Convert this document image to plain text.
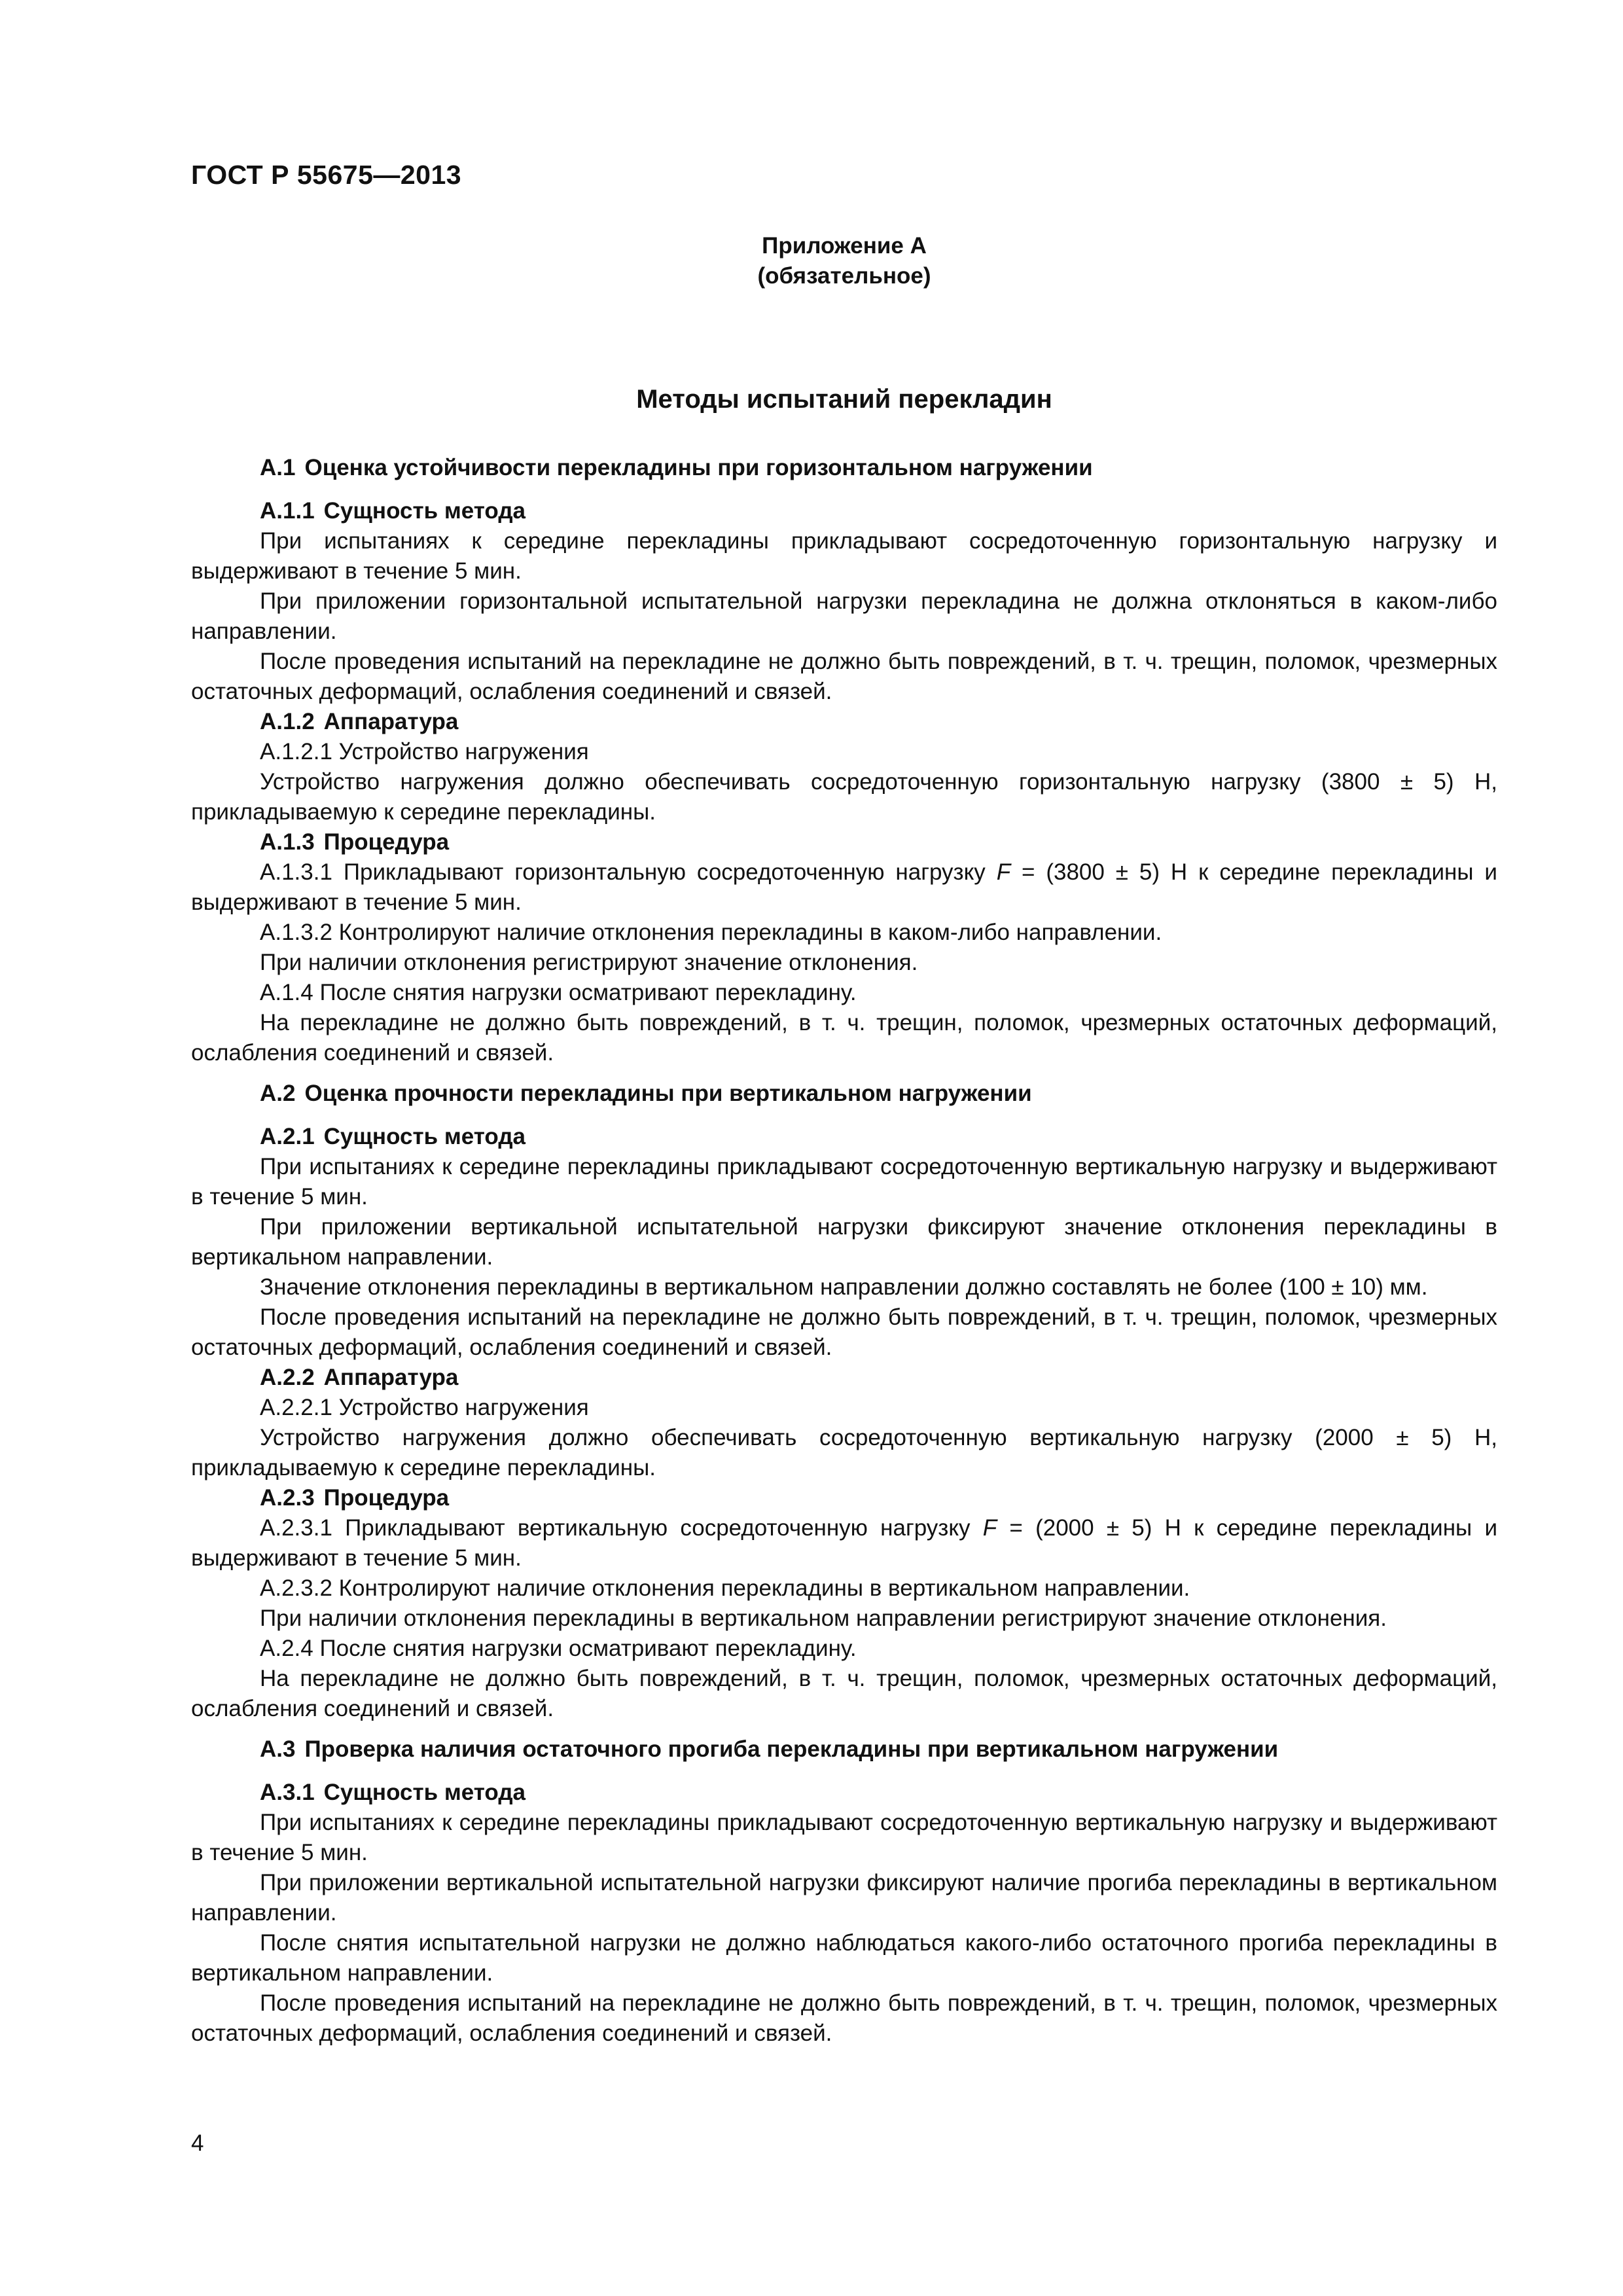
ГОСТ Р 55675—2013
Приложение А
(обязательное)
Методы испытаний перекладин
А.1 Оценка устойчивости перекладины при горизонтальном нагружении
А.1.1 Сущность метода

При испытаниях к середине перекладины прикладывают сосредоточенную горизонтальную нагрузку и выдерживают в течение 5 мин.

При приложении горизонтальной испытательной нагрузки перекладина не должна отклоняться в каком-либо направлении.

После проведения испытаний на перекладине не должно быть повреждений, в т. ч. трещин, поломок, чрезмерных остаточных деформаций, ослабления соединений и связей.

А.1.2 Аппаратура

А.1.2.1 Устройство нагружения

Устройство нагружения должно обеспечивать сосредоточенную горизонтальную нагрузку (3800 ± 5) Н, прикладываемую к середине перекладины.

А.1.3 Процедура

А.1.3.1 Прикладывают горизонтальную сосредоточенную нагрузку F = (3800 ± 5) Н к середине перекладины и выдерживают в течение 5 мин.

А.1.3.2 Контролируют наличие отклонения перекладины в каком-либо направлении.

При наличии отклонения регистрируют значение отклонения.

А.1.4 После снятия нагрузки осматривают перекладину.

На перекладине не должно быть повреждений, в т. ч. трещин, поломок, чрезмерных остаточных деформаций, ослабления соединений и связей.

А.2 Оценка прочности перекладины при вертикальном нагружении
А.2.1 Сущность метода

При испытаниях к середине перекладины прикладывают сосредоточенную вертикальную нагрузку и выдерживают в течение 5 мин.

При приложении вертикальной испытательной нагрузки фиксируют значение отклонения перекладины в вертикальном направлении.

Значение отклонения перекладины в вертикальном направлении должно составлять не более (100 ± 10) мм.

После проведения испытаний на перекладине не должно быть повреждений, в т. ч. трещин, поломок, чрезмерных остаточных деформаций, ослабления соединений и связей.

А.2.2 Аппаратура

А.2.2.1 Устройство нагружения

Устройство нагружения должно обеспечивать сосредоточенную вертикальную нагрузку (2000 ± 5) Н, прикладываемую к середине перекладины.

А.2.3 Процедура

А.2.3.1 Прикладывают вертикальную сосредоточенную нагрузку F = (2000 ± 5) Н к середине перекладины и выдерживают в течение 5 мин.

А.2.3.2 Контролируют наличие отклонения перекладины в вертикальном направлении.

При наличии отклонения перекладины в вертикальном направлении регистрируют значение отклонения.

А.2.4 После снятия нагрузки осматривают перекладину.

На перекладине не должно быть повреждений, в т. ч. трещин, поломок, чрезмерных остаточных деформаций, ослабления соединений и связей.

А.3 Проверка наличия остаточного прогиба перекладины при вертикальном нагружении
А.3.1 Сущность метода

При испытаниях к середине перекладины прикладывают сосредоточенную вертикальную нагрузку и выдерживают в течение 5 мин.

При приложении вертикальной испытательной нагрузки фиксируют наличие прогиба перекладины в вертикальном направлении.

После снятия испытательной нагрузки не должно наблюдаться какого-либо остаточного прогиба перекладины в вертикальном направлении.

После проведения испытаний на перекладине не должно быть повреждений, в т. ч. трещин, поломок, чрезмерных остаточных деформаций, ослабления соединений и связей.

4
